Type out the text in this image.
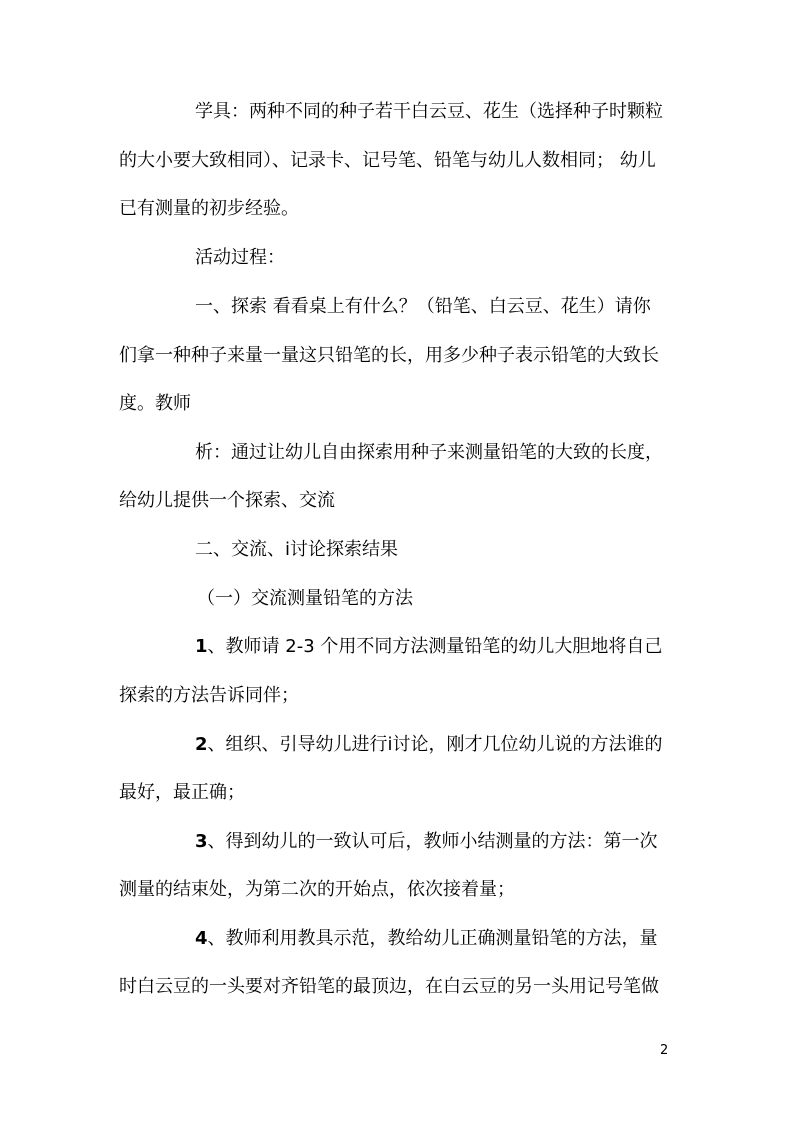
学具：两种不同的种子若干白云豆、花生（选择种子时颗粒
的大小要大致相同）、记录卡、记号笔、铅笔与幼儿人数相同； 幼儿
已有测量的初步经验。
活动过程：
一、探索 看看桌上有什么？（铅笔、白云豆、花生）请你
们拿一种种子来量一量这只铅笔的长，用多少种子表示铅笔的大致长
度。教师
析：通过让幼儿自由探索用种子来测量铅笔的大致的长度，
给幼儿提供一个探索、交流
二、交流、i讨论探索结果
（一）交流测量铅笔的方法
1、教师请 2-3 个用不同方法测量铅笔的幼儿大胆地将自己
探索的方法告诉同伴；
2、组织、引导幼儿进行i讨论，刚才几位幼儿说的方法谁的
最好，最正确；
3、得到幼儿的一致认可后，教师小结测量的方法：第一次
测量的结束处，为第二次的开始点，依次接着量；
4、教师利用教具示范，教给幼儿正确测量铅笔的方法，量
时白云豆的一头要对齐铅笔的最顶边，在白云豆的另一头用记号笔做
2
